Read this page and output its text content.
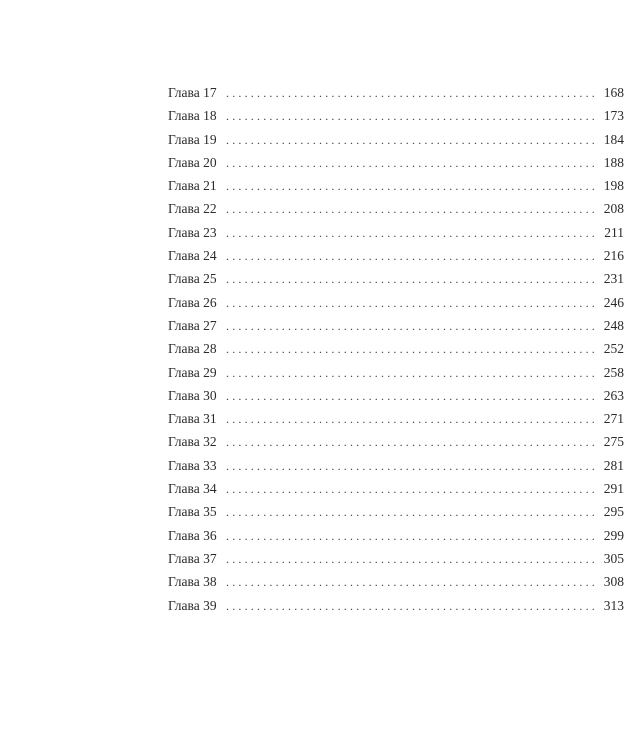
Глава 17 ............................................................ 168
Глава 18 ............................................................ 173
Глава 19 ............................................................ 184
Глава 20 ............................................................ 188
Глава 21 ............................................................ 198
Глава 22 ............................................................ 208
Глава 23 ............................................................ 211
Глава 24 ............................................................ 216
Глава 25 ............................................................ 231
Глава 26 ............................................................ 246
Глава 27 ............................................................ 248
Глава 28 ............................................................ 252
Глава 29 ............................................................ 258
Глава 30 ............................................................ 263
Глава 31 ............................................................ 271
Глава 32 ............................................................ 275
Глава 33 ............................................................ 281
Глава 34 ............................................................ 291
Глава 35 ............................................................ 295
Глава 36 ............................................................ 299
Глава 37 ............................................................ 305
Глава 38 ............................................................ 308
Глава 39 ............................................................ 313
